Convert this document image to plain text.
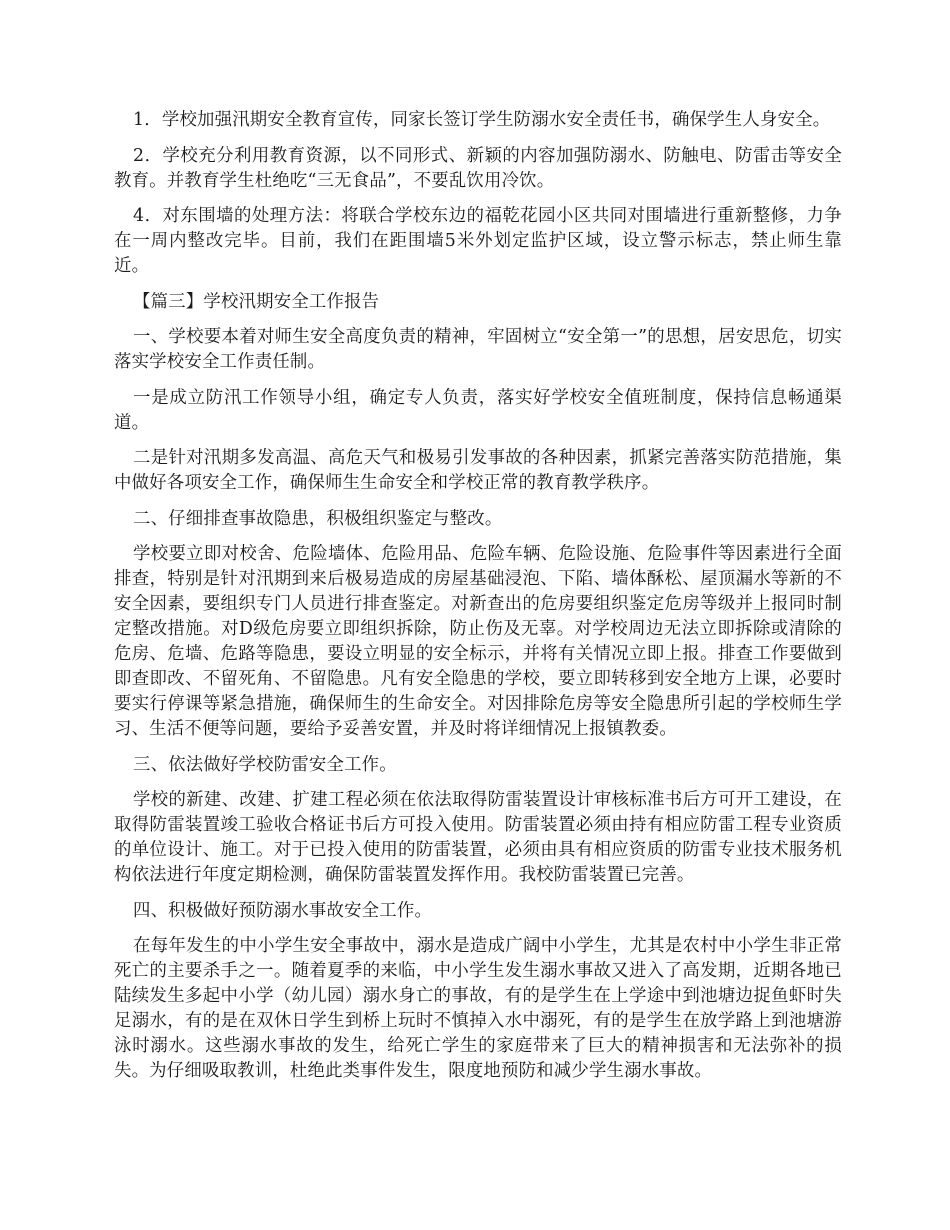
1．学校加强汛期安全教育宣传，同家长签订学生防溺水安全责任书，确保学生人身安全。

2．学校充分利用教育资源，以不同形式、新颖的内容加强防溺水、防触电、防雷击等安全教育。并教育学生杜绝吃“三无食品”，不要乱饮用冷饮。

4．对东围墙的处理方法：将联合学校东边的福乾花园小区共同对围墙进行重新整修，力争在一周内整改完毕。目前，我们在距围墙5米外划定监护区域，设立警示标志，禁止师生靠近。

【篇三】学校汛期安全工作报告

一、学校要本着对师生安全高度负责的精神，牢固树立“安全第一”的思想，居安思危，切实落实学校安全工作责任制。

一是成立防汛工作领导小组，确定专人负责，落实好学校安全值班制度，保持信息畅通渠道。

二是针对汛期多发高温、高危天气和极易引发事故的各种因素，抓紧完善落实防范措施，集中做好各项安全工作，确保师生生命安全和学校正常的教育教学秩序。

二、仔细排查事故隐患，积极组织鉴定与整改。

学校要立即对校舍、危险墙体、危险用品、危险车辆、危险设施、危险事件等因素进行全面排查，特别是针对汛期到来后极易造成的房屋基础浸泡、下陷、墙体酥松、屋顶漏水等新的不安全因素，要组织专门人员进行排查鉴定。对新查出的危房要组织鉴定危房等级并上报同时制定整改措施。对D级危房要立即组织拆除，防止伤及无辜。对学校周边无法立即拆除或清除的危房、危墙、危路等隐患，要设立明显的安全标示，并将有关情况立即上报。排查工作要做到即查即改、不留死角、不留隐患。凡有安全隐患的学校，要立即转移到安全地方上课，必要时要实行停课等紧急措施，确保师生的生命安全。对因排除危房等安全隐患所引起的学校师生学习、生活不便等问题，要给予妥善安置，并及时将详细情况上报镇教委。

三、依法做好学校防雷安全工作。

学校的新建、改建、扩建工程必须在依法取得防雷装置设计审核标准书后方可开工建设，在取得防雷装置竣工验收合格证书后方可投入使用。防雷装置必须由持有相应防雷工程专业资质的单位设计、施工。对于已投入使用的防雷装置，必须由具有相应资质的防雷专业技术服务机构依法进行年度定期检测，确保防雷装置发挥作用。我校防雷装置已完善。

四、积极做好预防溺水事故安全工作。

在每年发生的中小学生安全事故中，溺水是造成广阔中小学生，尤其是农村中小学生非正常死亡的主要杀手之一。随着夏季的来临，中小学生发生溺水事故又进入了高发期，近期各地已陆续发生多起中小学（幼儿园）溺水身亡的事故，有的是学生在上学途中到池塘边捉鱼虾时失足溺水，有的是在双休日学生到桥上玩时不慎掉入水中溺死，有的是学生在放学路上到池塘游泳时溺水。这些溺水事故的发生，给死亡学生的家庭带来了巨大的精神损害和无法弥补的损失。为仔细吸取教训，杜绝此类事件发生，限度地预防和减少学生溺水事故。
